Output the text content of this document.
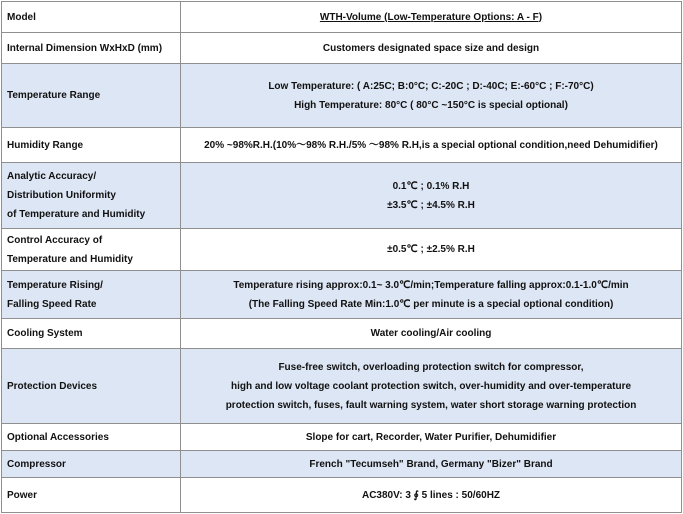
Model	WTH-Volume (Low-Temperature Options: A - F)

Internal Dimension WxHxD (mm)	Customers designated space size and design

Temperature Range	Low Temperature: ( A:25C; B:0°C; C:-20C ; D:-40C; E:-60°C ; F:-70°C)
High Temperature: 80°C ( 80°C ~150°C is special optional)

Humidity Range	20% ~98%R.H.(10%～98% R.H./5% ～98% R.H,is a special optional condition,need Dehumidifier)

Analytic Accuracy/
Distribution Uniformity
of Temperature and Humidity	0.1℃ ; 0.1% R.H
±3.5℃ ; ±4.5% R.H

Control Accuracy of
Temperature and Humidity	±0.5℃ ; ±2.5% R.H

Temperature Rising/
Falling Speed Rate	Temperature rising approx:0.1~ 3.0℃/min;Temperature falling approx:0.1-1.0℃/min
(The Falling Speed Rate Min:1.0℃ per minute is a special optional condition)

Cooling System	Water cooling/Air cooling

Protection Devices	Fuse-free switch, overloading protection switch for compressor,
high and low voltage coolant protection switch, over-humidity and over-temperature
protection switch, fuses, fault warning system, water short storage warning protection

Optional Accessories	Slope for cart, Recorder, Water Purifier, Dehumidifier

Compressor	French "Tecumseh" Brand, Germany "Bizer" Brand

Power	AC380V: 3 ∮ 5 lines : 50/60HZ
